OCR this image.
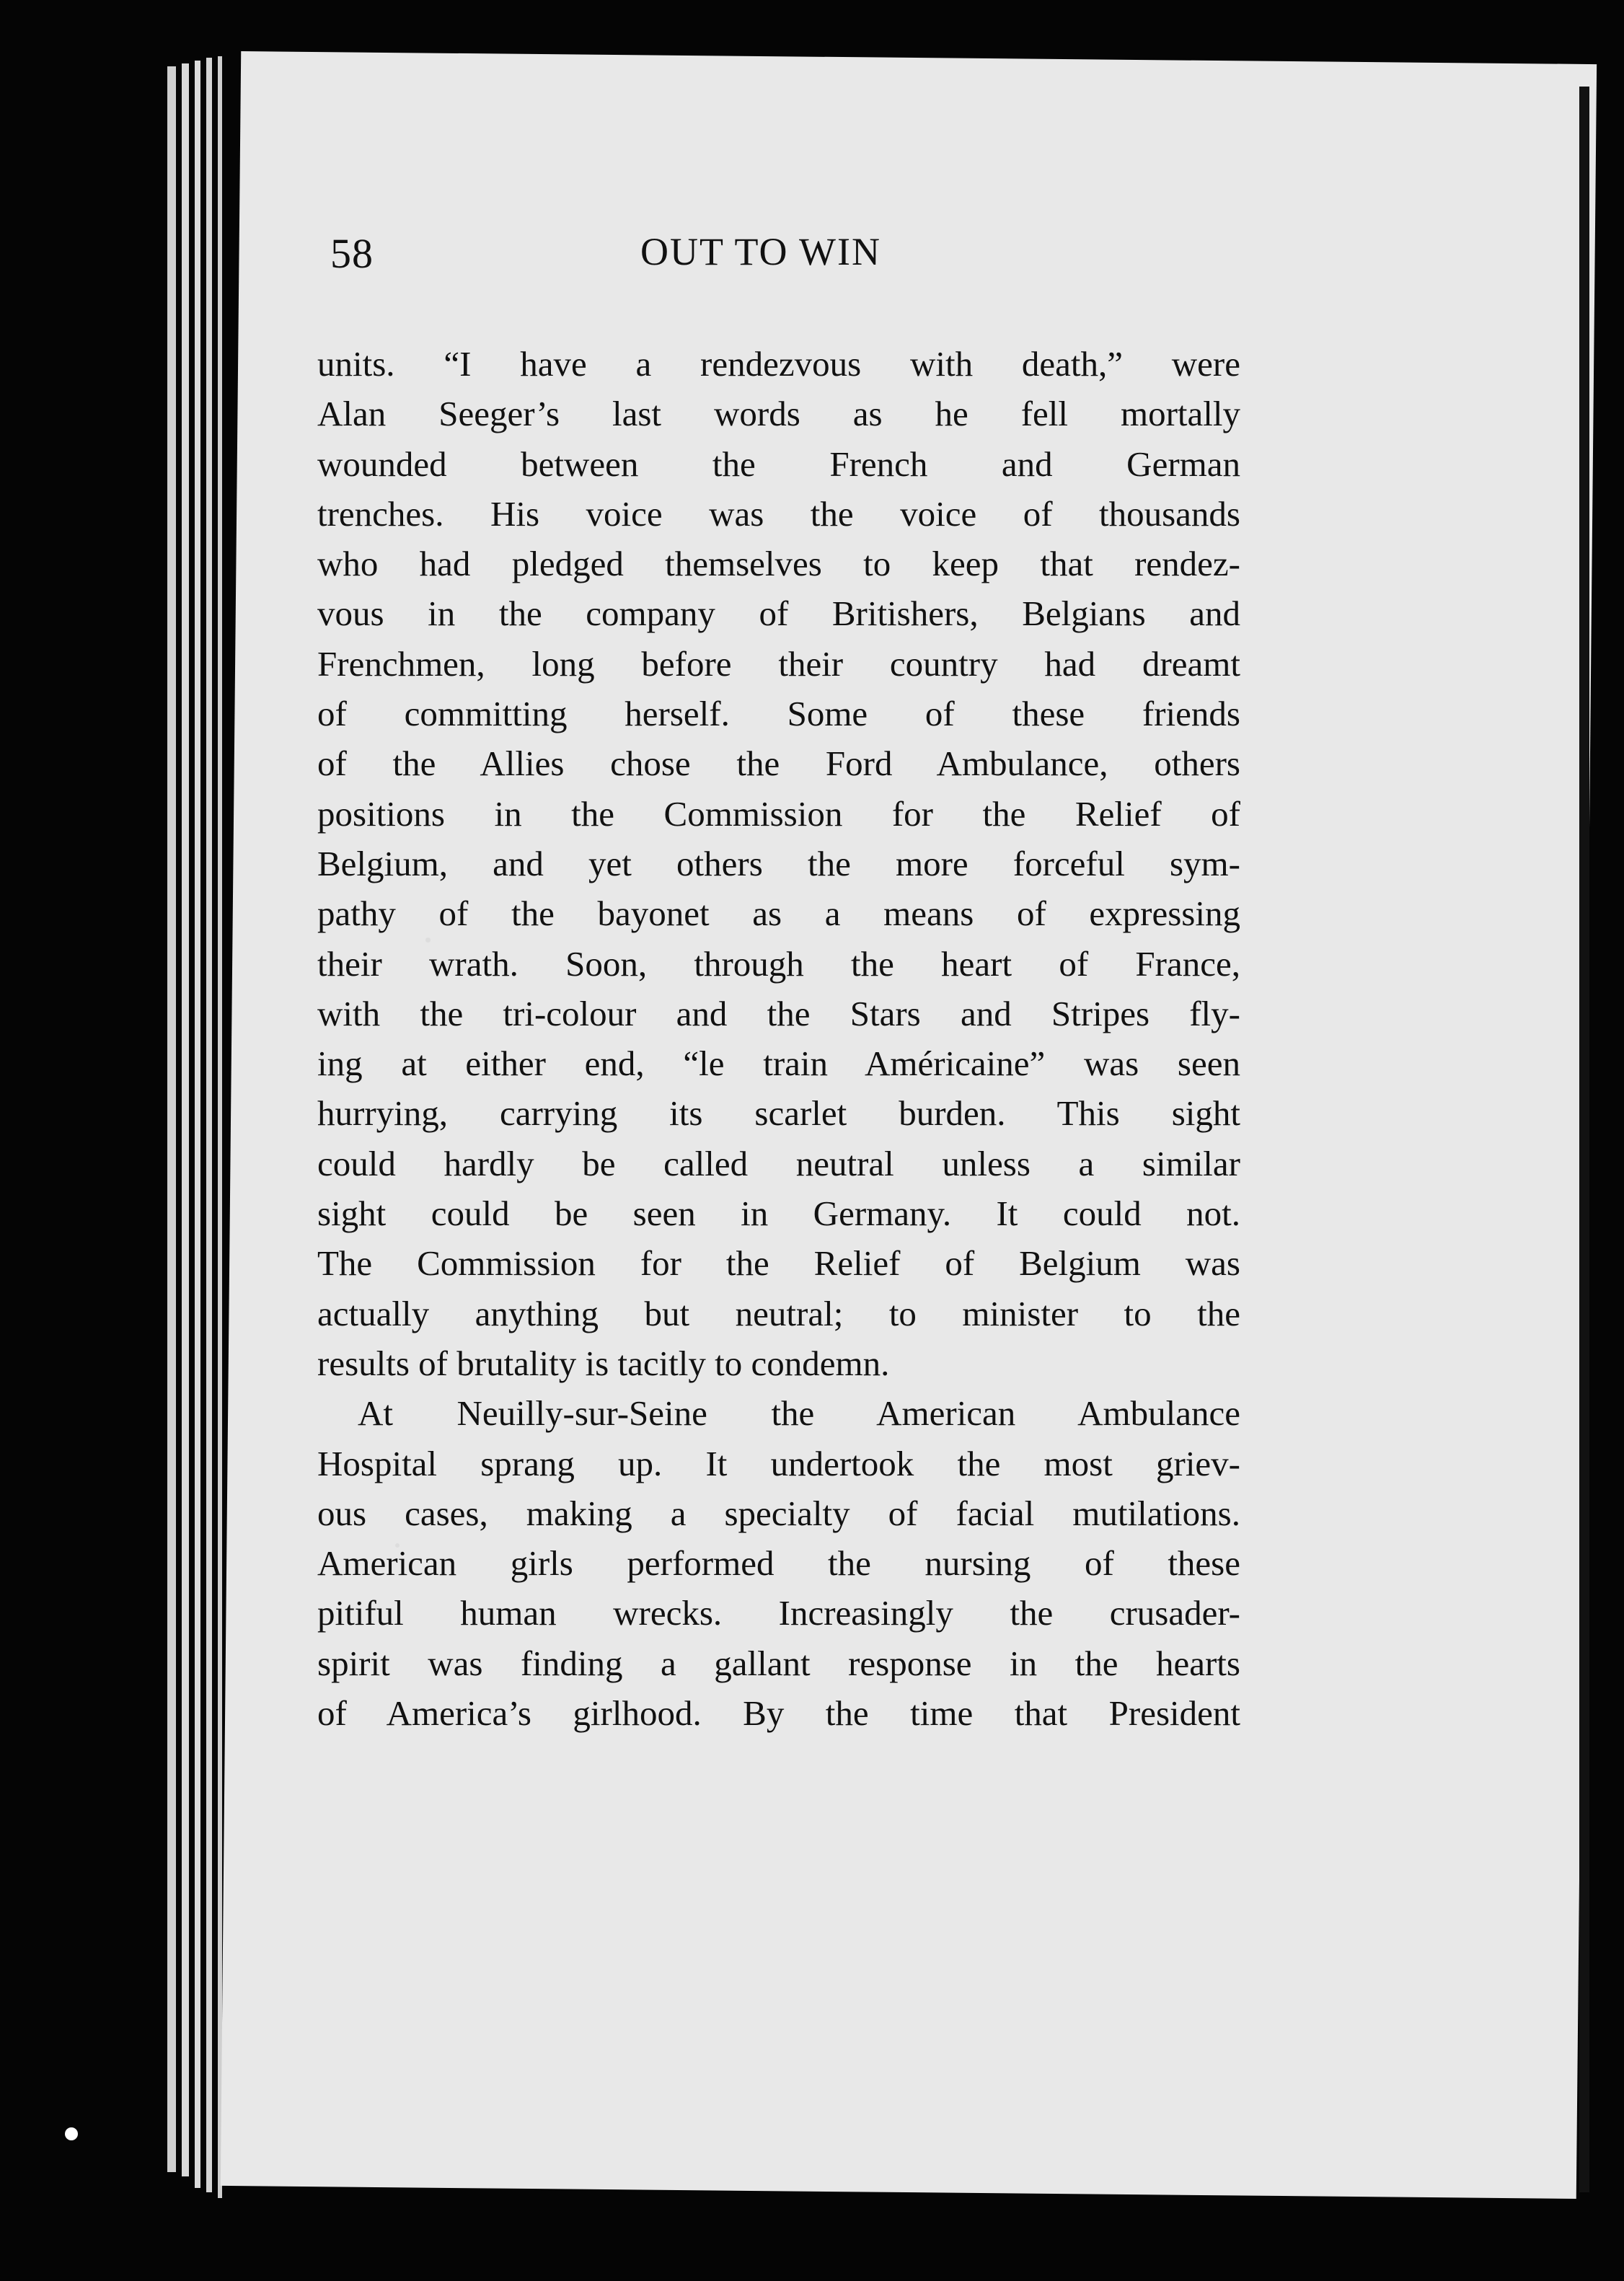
58	OUT TO WIN
units. “I have a rendezvous with death,” were
Alan Seeger’s last words as he fell mortally
wounded between the French and German
trenches. His voice was the voice of thousands
who had pledged themselves to keep that rendez-
vous in the company of Britishers, Belgians and
Frenchmen, long before their country had dreamt
of committing herself. Some of these friends
of the Allies chose the Ford Ambulance, others
positions in the Commission for the Relief of
Belgium, and yet others the more forceful sym-
pathy of the bayonet as a means of expressing
their wrath. Soon, through the heart of France,
with the tri-colour and the Stars and Stripes fly-
ing at either end, “le train Américaine” was seen
hurrying, carrying its scarlet burden. This sight
could hardly be called neutral unless a similar
sight could be seen in Germany. It could not.
The Commission for the Relief of Belgium was
actually anything but neutral; to minister to the
results of brutality is tacitly to condemn.
At Neuilly-sur-Seine the American Ambulance
Hospital sprang up. It undertook the most griev-
ous cases, making a specialty of facial mutilations.
American girls performed the nursing of these
pitiful human wrecks. Increasingly the crusader-
spirit was finding a gallant response in the hearts
of America’s girlhood. By the time that President
